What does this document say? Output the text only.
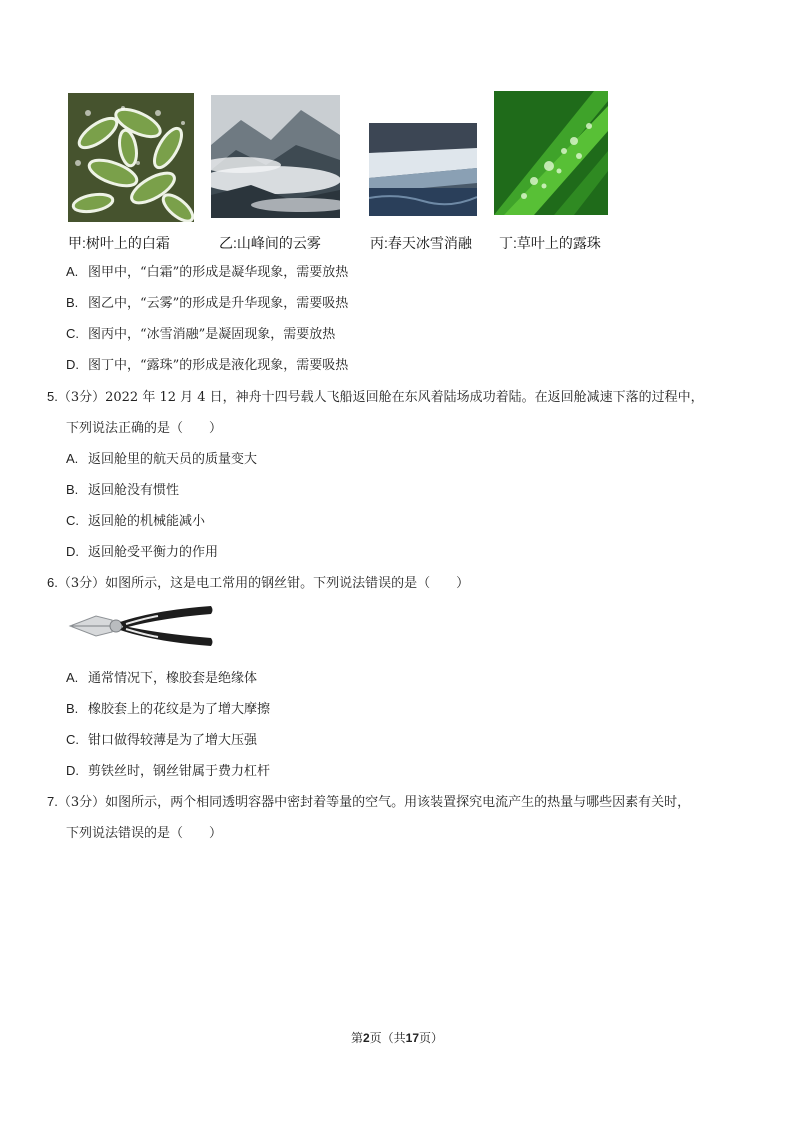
甲:树叶上的白霜	乙:山峰间的云雾	丙:春天冰雪消融 丁:草叶上的露珠
A. 图甲中，“白霜”的形成是凝华现象，需要放热
B. 图乙中，“云雾”的形成是升华现象，需要吸热
C. 图丙中，“冰雪消融”是凝固现象，需要放热
D. 图丁中，“露珠”的形成是液化现象，需要吸热
5.（3分）2022 年 12 月 4 日，神舟十四号载人飞船返回舱在东风着陆场成功着陆。在返回舱减速下落的过程中，
下列说法正确的是（　　）
A. 返回舱里的航天员的质量变大
B. 返回舱没有惯性
C. 返回舱的机械能减小
D. 返回舱受平衡力的作用
6.（3分）如图所示，这是电工常用的钢丝钳。下列说法错误的是（　　）
A. 通常情况下，橡胶套是绝缘体
B. 橡胶套上的花纹是为了增大摩擦
C. 钳口做得较薄是为了增大压强
D. 剪铁丝时，钢丝钳属于费力杠杆
7.（3分）如图所示，两个相同透明容器中密封着等量的空气。用该装置探究电流产生的热量与哪些因素有关时，
下列说法错误的是（　　）
第2页（共17页）
